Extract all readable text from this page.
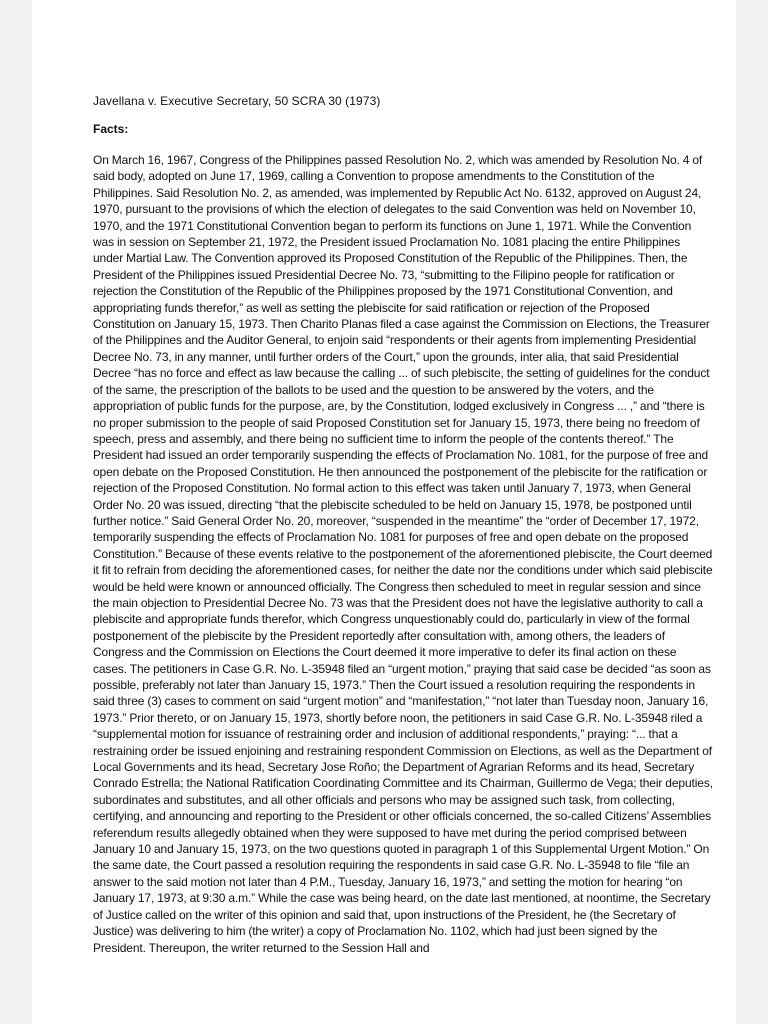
Javellana v. Executive Secretary, 50 SCRA 30 (1973)
Facts:

On March 16, 1967, Congress of the Philippines passed Resolution No. 2, which was amended by Resolution No. 4 of said body, adopted on June 17, 1969, calling a Convention to propose amendments to the Constitution of the Philippines. Said Resolution No. 2, as amended, was implemented by Republic Act No. 6132, approved on August 24, 1970, pursuant to the provisions of which the election of delegates to the said Convention was held on November 10, 1970, and the 1971 Constitutional Convention began to perform its functions on June 1, 1971. While the Convention was in session on September 21, 1972, the President issued Proclamation No. 1081 placing the entire Philippines under Martial Law. The Convention approved its Proposed Constitution of the Republic of the Philippines. Then, the President of the Philippines issued Presidential Decree No. 73, “submitting to the Filipino people for ratification or rejection the Constitution of the Republic of the Philippines proposed by the 1971 Constitutional Convention, and appropriating funds therefor,” as well as setting the plebiscite for said ratification or rejection of the Proposed Constitution on January 15, 1973. Then Charito Planas filed a case against the Commission on Elections, the Treasurer of the Philippines and the Auditor General, to enjoin said “respondents or their agents from implementing Presidential Decree No. 73, in any manner, until further orders of the Court,” upon the grounds, inter alia, that said Presidential Decree “has no force and effect as law because the calling ... of such plebiscite, the setting of guidelines for the conduct of the same, the prescription of the ballots to be used and the question to be answered by the voters, and the appropriation of public funds for the purpose, are, by the Constitution, lodged exclusively in Congress ... ,” and “there is no proper submission to the people of said Proposed Constitution set for January 15, 1973, there being no freedom of speech, press and assembly, and there being no sufficient time to inform the people of the contents thereof.” The President had issued an order temporarily suspending the effects of Proclamation No. 1081, for the purpose of free and open debate on the Proposed Constitution. He then announced the postponement of the plebiscite for the ratification or rejection of the Proposed Constitution. No formal action to this effect was taken until January 7, 1973, when General Order No. 20 was issued, directing “that the plebiscite scheduled to be held on January 15, 1978, be postponed until further notice.” Said General Order No. 20, moreover, “suspended in the meantime” the “order of December 17, 1972, temporarily suspending the effects of Proclamation No. 1081 for purposes of free and open debate on the proposed Constitution.” Because of these events relative to the postponement of the aforementioned plebiscite, the Court deemed it fit to refrain from deciding the aforementioned cases, for neither the date nor the conditions under which said plebiscite would be held were known or announced officially. The Congress then scheduled to meet in regular session and since the main objection to Presidential Decree No. 73 was that the President does not have the legislative authority to call a plebiscite and appropriate funds therefor, which Congress unquestionably could do, particularly in view of the formal postponement of the plebiscite by the President reportedly after consultation with, among others, the leaders of Congress and the Commission on Elections the Court deemed it more imperative to defer its final action on these cases. The petitioners in Case G.R. No. L-35948 filed an “urgent motion,” praying that said case be decided “as soon as possible, preferably not later than January 15, 1973.” Then the Court issued a resolution requiring the respondents in said three (3) cases to comment on said “urgent motion” and “manifestation,” “not later than Tuesday noon, January 16, 1973.” Prior thereto, or on January 15, 1973, shortly before noon, the petitioners in said Case G.R. No. L-35948 riled a “supplemental motion for issuance of restraining order and inclusion of additional respondents,” praying: “... that a restraining order be issued enjoining and restraining respondent Commission on Elections, as well as the Department of Local Governments and its head, Secretary Jose Roño; the Department of Agrarian Reforms and its head, Secretary Conrado Estrella; the National Ratification Coordinating Committee and its Chairman, Guillermo de Vega; their deputies, subordinates and substitutes, and all other officials and persons who may be assigned such task, from collecting, certifying, and announcing and reporting to the President or other officials concerned, the so-called Citizens’ Assemblies referendum results allegedly obtained when they were supposed to have met during the period comprised between January 10 and January 15, 1973, on the two questions quoted in paragraph 1 of this Supplemental Urgent Motion.” On the same date, the Court passed a resolution requiring the respondents in said case G.R. No. L-35948 to file “file an answer to the said motion not later than 4 P.M., Tuesday, January 16, 1973,” and setting the motion for hearing “on January 17, 1973, at 9:30 a.m.” While the case was being heard, on the date last mentioned, at noontime, the Secretary of Justice called on the writer of this opinion and said that, upon instructions of the President, he (the Secretary of Justice) was delivering to him (the writer) a copy of Proclamation No. 1102, which had just been signed by the President. Thereupon, the writer returned to the Session Hall and
